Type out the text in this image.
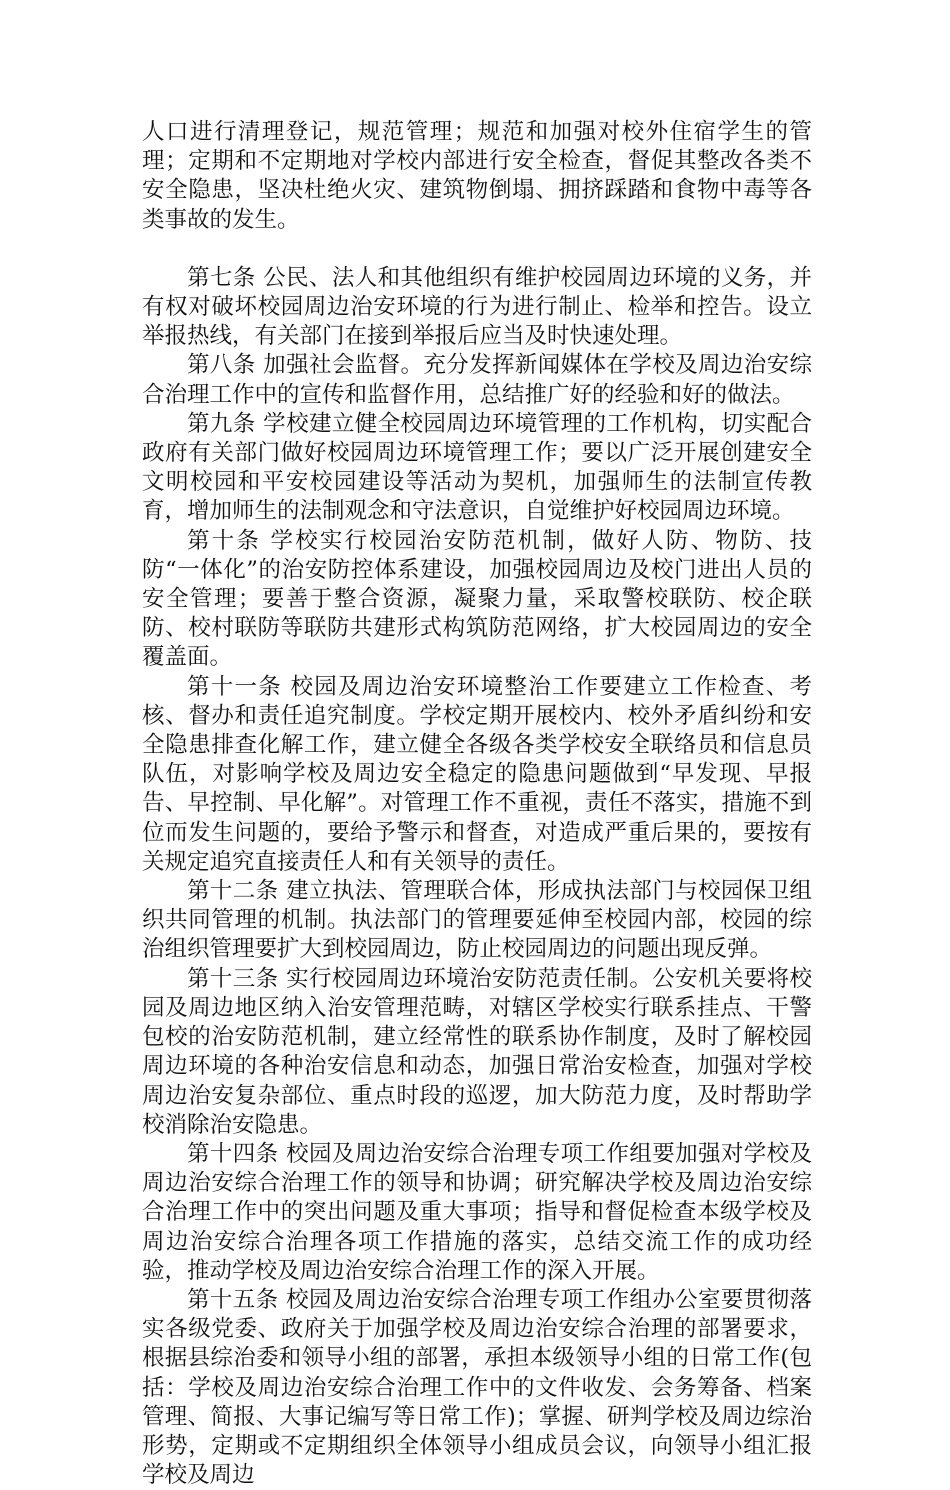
人口进行清理登记，规范管理；规范和加强对校外住宿学生的管理；定期和不定期地对学校内部进行安全检查，督促其整改各类不安全隐患，坚决杜绝火灾、建筑物倒塌、拥挤踩踏和食物中毒等各类事故的发生。

第七条 公民、法人和其他组织有维护校园周边环境的义务，并有权对破坏校园周边治安环境的行为进行制止、检举和控告。设立举报热线，有关部门在接到举报后应当及时快速处理。

第八条 加强社会监督。充分发挥新闻媒体在学校及周边治安综合治理工作中的宣传和监督作用，总结推广好的经验和好的做法。

第九条 学校建立健全校园周边环境管理的工作机构，切实配合政府有关部门做好校园周边环境管理工作；要以广泛开展创建安全文明校园和平安校园建设等活动为契机，加强师生的法制宣传教育，增加师生的法制观念和守法意识，自觉维护好校园周边环境。

第十条 学校实行校园治安防范机制，做好人防、物防、技防“一体化”的治安防控体系建设，加强校园周边及校门进出人员的安全管理；要善于整合资源，凝聚力量，采取警校联防、校企联防、校村联防等联防共建形式构筑防范网络，扩大校园周边的安全覆盖面。

第十一条 校园及周边治安环境整治工作要建立工作检查、考核、督办和责任追究制度。学校定期开展校内、校外矛盾纠纷和安全隐患排查化解工作，建立健全各级各类学校安全联络员和信息员队伍，对影响学校及周边安全稳定的隐患问题做到“早发现、早报告、早控制、早化解”。对管理工作不重视，责任不落实，措施不到位而发生问题的，要给予警示和督查，对造成严重后果的，要按有关规定追究直接责任人和有关领导的责任。

第十二条 建立执法、管理联合体，形成执法部门与校园保卫组织共同管理的机制。执法部门的管理要延伸至校园内部，校园的综治组织管理要扩大到校园周边，防止校园周边的问题出现反弹。

第十三条 实行校园周边环境治安防范责任制。公安机关要将校园及周边地区纳入治安管理范畴，对辖区学校实行联系挂点、干警包校的治安防范机制，建立经常性的联系协作制度，及时了解校园周边环境的各种治安信息和动态，加强日常治安检查，加强对学校周边治安复杂部位、重点时段的巡逻，加大防范力度，及时帮助学校消除治安隐患。

第十四条 校园及周边治安综合治理专项工作组要加强对学校及周边治安综合治理工作的领导和协调；研究解决学校及周边治安综合治理工作中的突出问题及重大事项；指导和督促检查本级学校及周边治安综合治理各项工作措施的落实，总结交流工作的成功经验，推动学校及周边治安综合治理工作的深入开展。

第十五条 校园及周边治安综合治理专项工作组办公室要贯彻落实各级党委、政府关于加强学校及周边治安综合治理的部署要求，根据县综治委和领导小组的部署，承担本级领导小组的日常工作(包括：学校及周边治安综合治理工作中的文件收发、会务筹备、档案管理、简报、大事记编写等日常工作)；掌握、研判学校及周边综治形势，定期或不定期组织全体领导小组成员会议，向领导小组汇报学校及周边
